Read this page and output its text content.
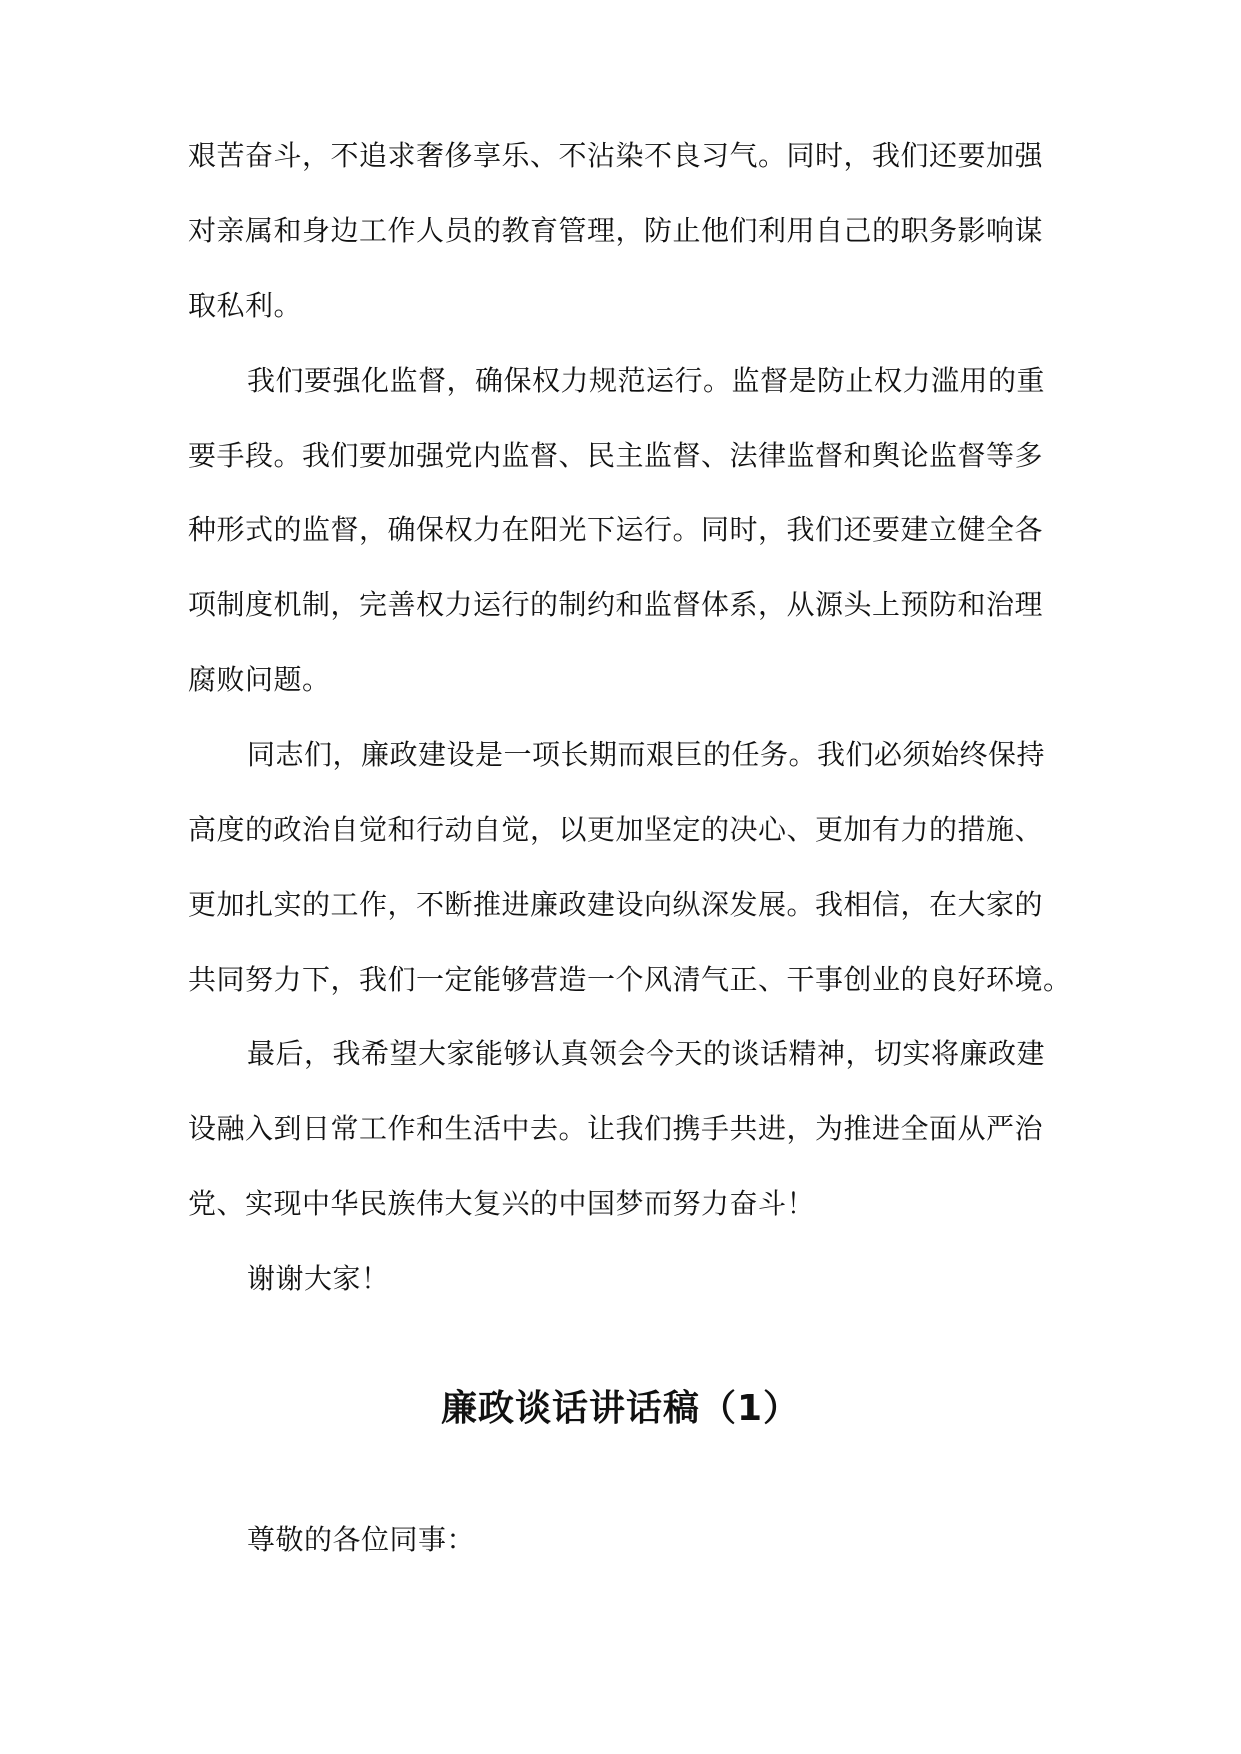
艰苦奋斗，不追求奢侈享乐、不沾染不良习气。同时，我们还要加强
对亲属和身边工作人员的教育管理，防止他们利用自己的职务影响谋
取私利。
我们要强化监督，确保权力规范运行。监督是防止权力滥用的重
要手段。我们要加强党内监督、民主监督、法律监督和舆论监督等多
种形式的监督，确保权力在阳光下运行。同时，我们还要建立健全各
项制度机制，完善权力运行的制约和监督体系，从源头上预防和治理
腐败问题。
同志们，廉政建设是一项长期而艰巨的任务。我们必须始终保持
高度的政治自觉和行动自觉，以更加坚定的决心、更加有力的措施、
更加扎实的工作，不断推进廉政建设向纵深发展。我相信，在大家的
共同努力下，我们一定能够营造一个风清气正、干事创业的良好环境。
最后，我希望大家能够认真领会今天的谈话精神，切实将廉政建
设融入到日常工作和生活中去。让我们携手共进，为推进全面从严治
党、实现中华民族伟大复兴的中国梦而努力奋斗！
谢谢大家！
廉政谈话讲话稿（1）
尊敬的各位同事：
